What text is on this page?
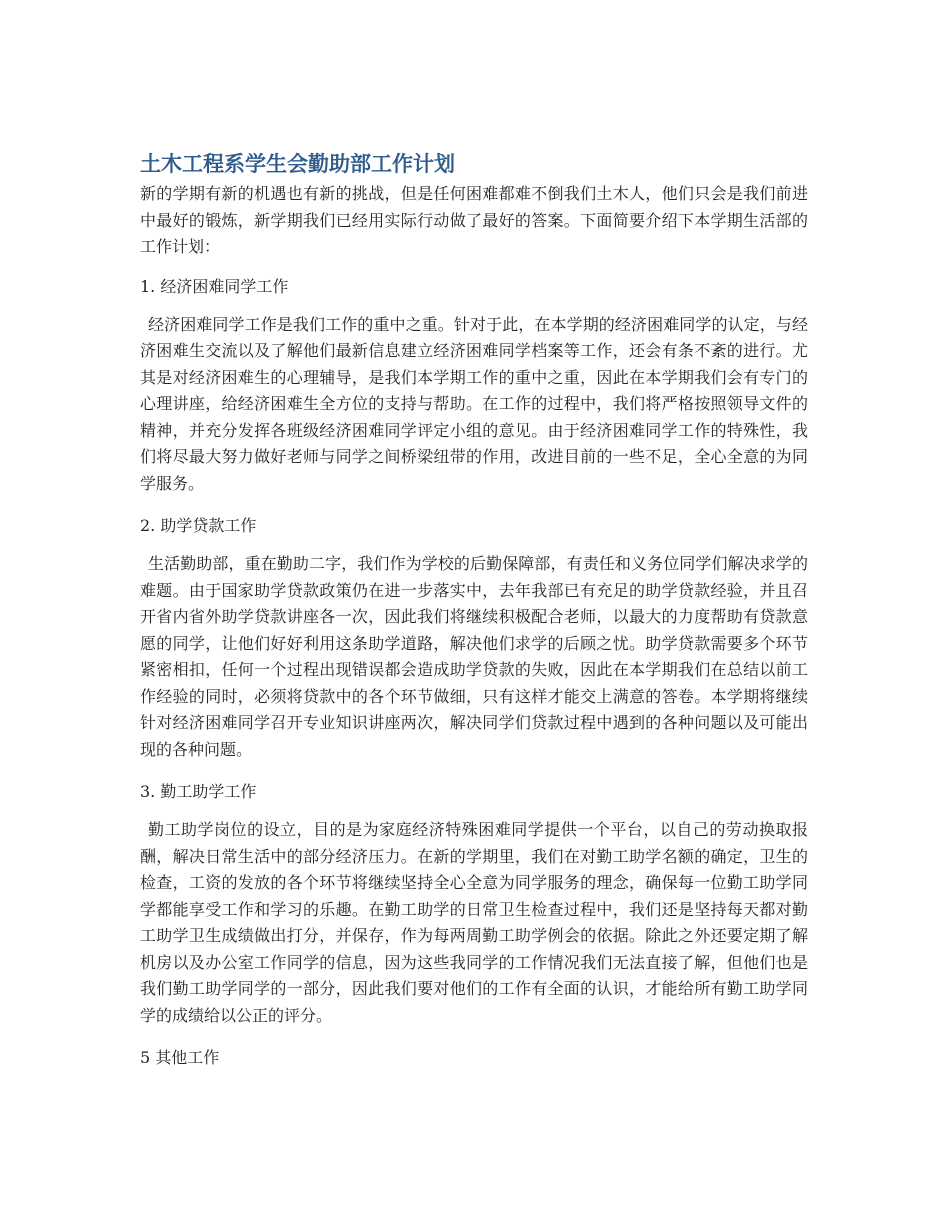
土木工程系学生会勤助部工作计划

新的学期有新的机遇也有新的挑战，但是任何困难都难不倒我们土木人，他们只会是我们前进中最好的锻炼，新学期我们已经用实际行动做了最好的答案。下面简要介绍下本学期生活部的工作计划：

1. 经济困难同学工作

经济困难同学工作是我们工作的重中之重。针对于此，在本学期的经济困难同学的认定，与经济困难生交流以及了解他们最新信息建立经济困难同学档案等工作，还会有条不紊的进行。尤其是对经济困难生的心理辅导，是我们本学期工作的重中之重，因此在本学期我们会有专门的心理讲座，给经济困难生全方位的支持与帮助。在工作的过程中，我们将严格按照领导文件的精神，并充分发挥各班级经济困难同学评定小组的意见。由于经济困难同学工作的特殊性，我们将尽最大努力做好老师与同学之间桥梁纽带的作用，改进目前的一些不足，全心全意的为同学服务。

2. 助学贷款工作

生活勤助部，重在勤助二字，我们作为学校的后勤保障部，有责任和义务位同学们解决求学的难题。由于国家助学贷款政策仍在进一步落实中，去年我部已有充足的助学贷款经验，并且召开省内省外助学贷款讲座各一次，因此我们将继续积极配合老师，以最大的力度帮助有贷款意愿的同学，让他们好好利用这条助学道路，解决他们求学的后顾之忧。助学贷款需要多个环节紧密相扣，任何一个过程出现错误都会造成助学贷款的失败，因此在本学期我们在总结以前工作经验的同时，必须将贷款中的各个环节做细，只有这样才能交上满意的答卷。本学期将继续针对经济困难同学召开专业知识讲座两次，解决同学们贷款过程中遇到的各种问题以及可能出现的各种问题。

3. 勤工助学工作

勤工助学岗位的设立，目的是为家庭经济特殊困难同学提供一个平台，以自己的劳动换取报酬，解决日常生活中的部分经济压力。在新的学期里，我们在对勤工助学名额的确定，卫生的检查，工资的发放的各个环节将继续坚持全心全意为同学服务的理念，确保每一位勤工助学同学都能享受工作和学习的乐趣。在勤工助学的日常卫生检查过程中，我们还是坚持每天都对勤工助学卫生成绩做出打分，并保存，作为每两周勤工助学例会的依据。除此之外还要定期了解机房以及办公室工作同学的信息，因为这些我同学的工作情况我们无法直接了解，但他们也是我们勤工助学同学的一部分，因此我们要对他们的工作有全面的认识，才能给所有勤工助学同学的成绩给以公正的评分。

5 其他工作
